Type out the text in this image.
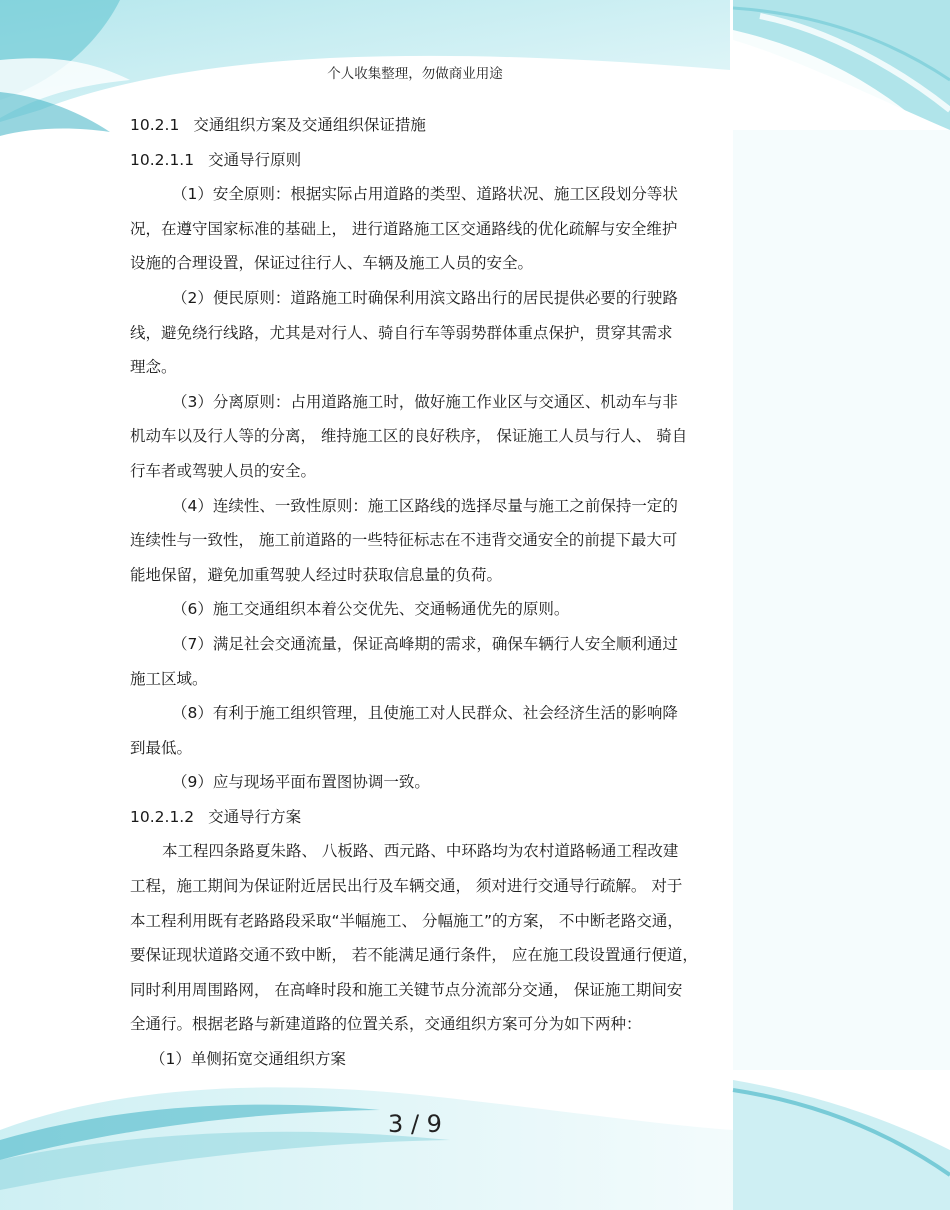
个人收集整理，勿做商业用途

10.2.1 交通组织方案及交通组织保证措施

10.2.1.1 交通导行原则

（1）安全原则：根据实际占用道路的类型、道路状况、施工区段划分等状

况，在遵守国家标准的基础上， 进行道路施工区交通路线的优化疏解与安全维护

设施的合理设置，保证过往行人、车辆及施工人员的安全。

（2）便民原则：道路施工时确保利用滨文路出行的居民提供必要的行驶路

线，避免绕行线路，尤其是对行人、骑自行车等弱势群体重点保护，贯穿其需求

理念。

（3）分离原则：占用道路施工时，做好施工作业区与交通区、机动车与非

机动车以及行人等的分离， 维持施工区的良好秩序， 保证施工人员与行人、 骑自

行车者或驾驶人员的安全。

（4）连续性、一致性原则：施工区路线的选择尽量与施工之前保持一定的

连续性与一致性， 施工前道路的一些特征标志在不违背交通安全的前提下最大可

能地保留，避免加重驾驶人经过时获取信息量的负荷。

（6）施工交通组织本着公交优先、交通畅通优先的原则。

（7）满足社会交通流量，保证高峰期的需求，确保车辆行人安全顺利通过

施工区域。

（8）有利于施工组织管理，且使施工对人民群众、社会经济生活的影响降

到最低。

（9）应与现场平面布置图协调一致。

10.2.1.2 交通导行方案

本工程四条路夏朱路、 八板路、西元路、中环路均为农村道路畅通工程改建

工程，施工期间为保证附近居民出行及车辆交通， 须对进行交通导行疏解。 对于

本工程利用既有老路路段采取“半幅施工、 分幅施工”的方案， 不中断老路交通，

要保证现状道路交通不致中断， 若不能满足通行条件， 应在施工段设置通行便道，

同时利用周围路网， 在高峰时段和施工关键节点分流部分交通， 保证施工期间安

全通行。根据老路与新建道路的位置关系，交通组织方案可分为如下两种：

（1）单侧拓宽交通组织方案

3 / 9
